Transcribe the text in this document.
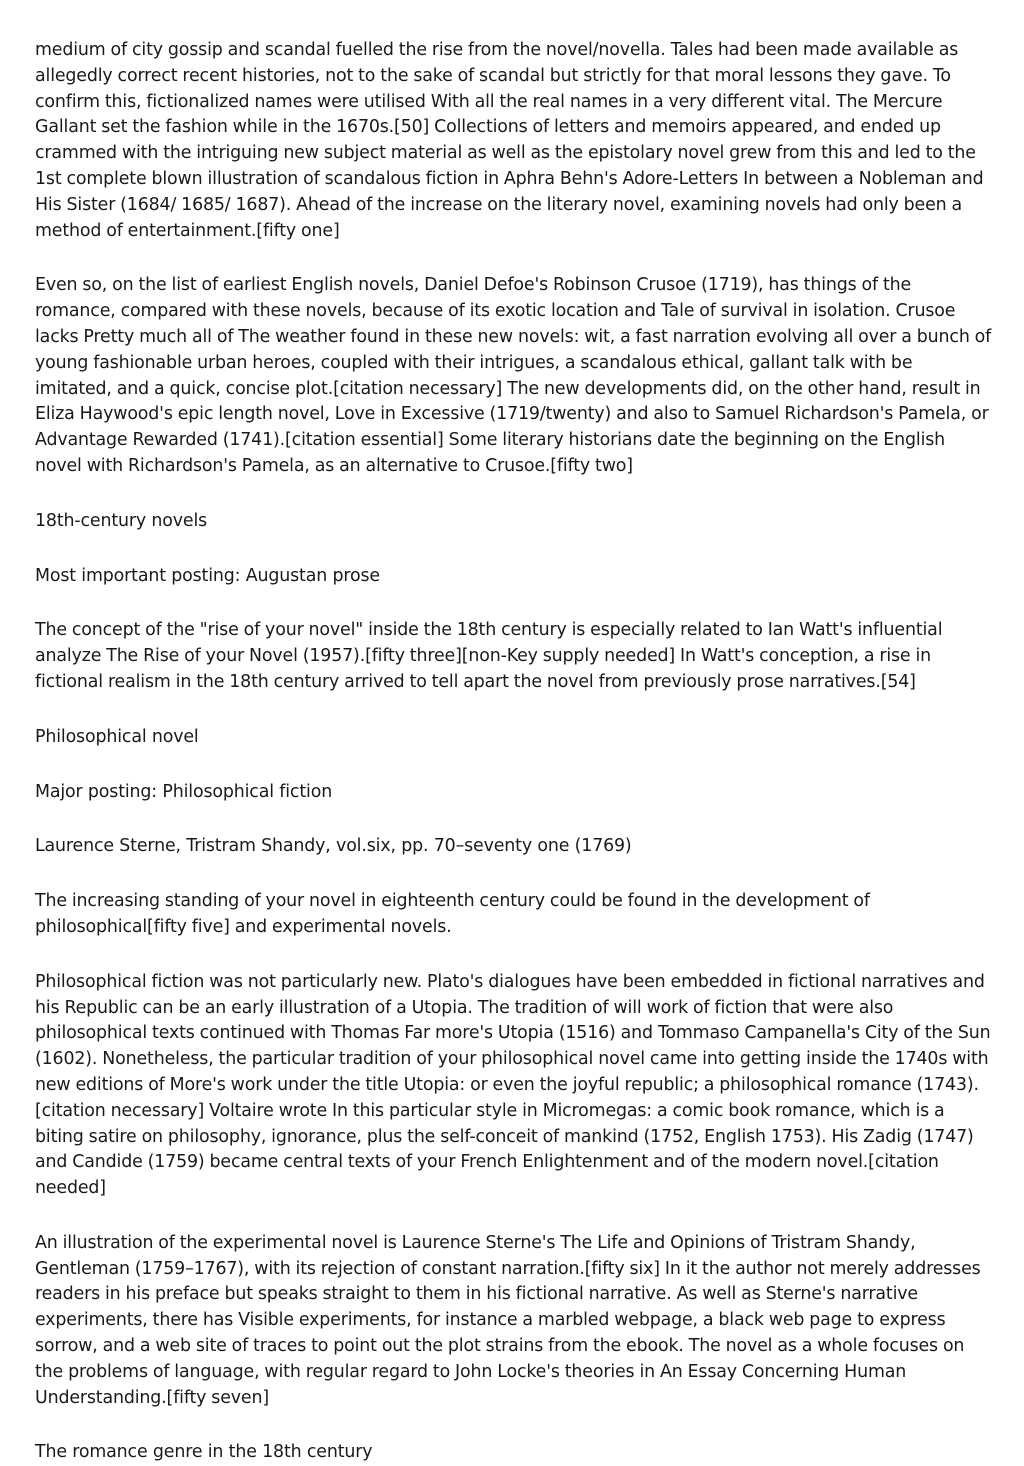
medium of city gossip and scandal fuelled the rise from the novel/novella. Tales had been made available as allegedly correct recent histories, not to the sake of scandal but strictly for that moral lessons they gave. To confirm this, fictionalized names were utilised With all the real names in a very different vital. The Mercure Gallant set the fashion while in the 1670s.[50] Collections of letters and memoirs appeared, and ended up crammed with the intriguing new subject material as well as the epistolary novel grew from this and led to the 1st complete blown illustration of scandalous fiction in Aphra Behn's Adore-Letters In between a Nobleman and His Sister (1684/ 1685/ 1687). Ahead of the increase on the literary novel, examining novels had only been a method of entertainment.[fifty one]

Even so, on the list of earliest English novels, Daniel Defoe's Robinson Crusoe (1719), has things of the romance, compared with these novels, because of its exotic location and Tale of survival in isolation. Crusoe lacks Pretty much all of The weather found in these new novels: wit, a fast narration evolving all over a bunch of young fashionable urban heroes, coupled with their intrigues, a scandalous ethical, gallant talk with be imitated, and a quick, concise plot.[citation necessary] The new developments did, on the other hand, result in Eliza Haywood's epic length novel, Love in Excessive (1719/twenty) and also to Samuel Richardson's Pamela, or Advantage Rewarded (1741).[citation essential] Some literary historians date the beginning on the English novel with Richardson's Pamela, as an alternative to Crusoe.[fifty two]

18th-century novels

Most important posting: Augustan prose

The concept of the "rise of your novel" inside the 18th century is especially related to Ian Watt's influential analyze The Rise of your Novel (1957).[fifty three][non-Key supply needed] In Watt's conception, a rise in fictional realism in the 18th century arrived to tell apart the novel from previously prose narratives.[54]

Philosophical novel

Major posting: Philosophical fiction

Laurence Sterne, Tristram Shandy, vol.six, pp. 70–seventy one (1769)

The increasing standing of your novel in eighteenth century could be found in the development of philosophical[fifty five] and experimental novels.

Philosophical fiction was not particularly new. Plato's dialogues have been embedded in fictional narratives and his Republic can be an early illustration of a Utopia. The tradition of will work of fiction that were also philosophical texts continued with Thomas Far more's Utopia (1516) and Tommaso Campanella's City of the Sun (1602). Nonetheless, the particular tradition of your philosophical novel came into getting inside the 1740s with new editions of More's work under the title Utopia: or even the joyful republic; a philosophical romance (1743).[citation necessary] Voltaire wrote In this particular style in Micromegas: a comic book romance, which is a biting satire on philosophy, ignorance, plus the self-conceit of mankind (1752, English 1753). His Zadig (1747) and Candide (1759) became central texts of your French Enlightenment and of the modern novel.[citation needed]

An illustration of the experimental novel is Laurence Sterne's The Life and Opinions of Tristram Shandy, Gentleman (1759–1767), with its rejection of constant narration.[fifty six] In it the author not merely addresses readers in his preface but speaks straight to them in his fictional narrative. As well as Sterne's narrative experiments, there has Visible experiments, for instance a marbled webpage, a black web page to express sorrow, and a web site of traces to point out the plot strains from the ebook. The novel as a whole focuses on the problems of language, with regular regard to John Locke's theories in An Essay Concerning Human Understanding.[fifty seven]

The romance genre in the 18th century
